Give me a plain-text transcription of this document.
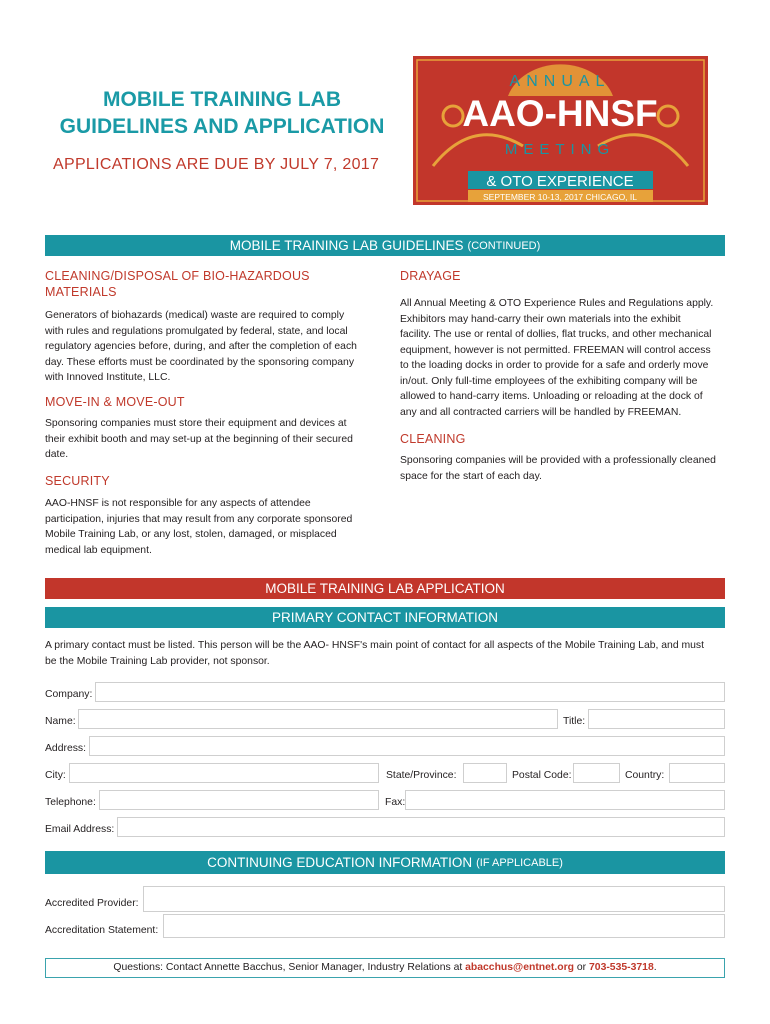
MOBILE TRAINING LAB
GUIDELINES AND APPLICATION
APPLICATIONS ARE DUE BY JULY 7, 2017
ANNUAL
AAO-HNSF
MEETING
& OTO EXPERIENCE
SEPTEMBER 10-13, 2017 CHICAGO, IL
MOBILE TRAINING LAB GUIDELINES (CONTINUED)
CLEANING/DISPOSAL OF BIO-HAZARDOUS
MATERIALS

Generators of biohazards (medical) waste are required to comply
with rules and regulations promulgated by federal, state, and local
regulatory agencies before, during, and after the completion of each
day. These efforts must be coordinated by the sponsoring company
with Innoved Institute, LLC.

MOVE-IN & MOVE-OUT

Sponsoring companies must store their equipment and devices at
their exhibit booth and may set-up at the beginning of their secured
date.

SECURITY

AAO-HNSF is not responsible for any aspects of attendee
participation, injuries that may result from any corporate sponsored
Mobile Training Lab, or any lost, stolen, damaged, or misplaced
medical lab equipment.

DRAYAGE

All Annual Meeting & OTO Experience Rules and Regulations apply.
Exhibitors may hand-carry their own materials into the exhibit
facility. The use or rental of dollies, flat trucks, and other mechanical
equipment, however is not permitted. FREEMAN will control access
to the loading docks in order to provide for a safe and orderly move
in/out. Only full-time employees of the exhibiting company will be
allowed to hand-carry items. Unloading or reloading at the dock of
any and all contracted carriers will be handled by FREEMAN.

CLEANING

Sponsoring companies will be provided with a professionally cleaned
space for the start of each day.

MOBILE TRAINING LAB APPLICATION
PRIMARY CONTACT INFORMATION

A primary contact must be listed. This person will be the AAO- HNSF's main point of contact for all aspects of the Mobile Training Lab, and must
be the Mobile Training Lab provider, not sponsor.

Company:
Name:	Title:
Address:
City:	State/Province:	Postal Code:	Country:
Telephone:	Fax:
Email Address:
CONTINUING EDUCATION INFORMATION (IF APPLICABLE)
Accredited Provider:
Accreditation Statement:
Questions: Contact Annette Bacchus, Senior Manager, Industry Relations at abacchus@entnet.org or 703-535-3718.
